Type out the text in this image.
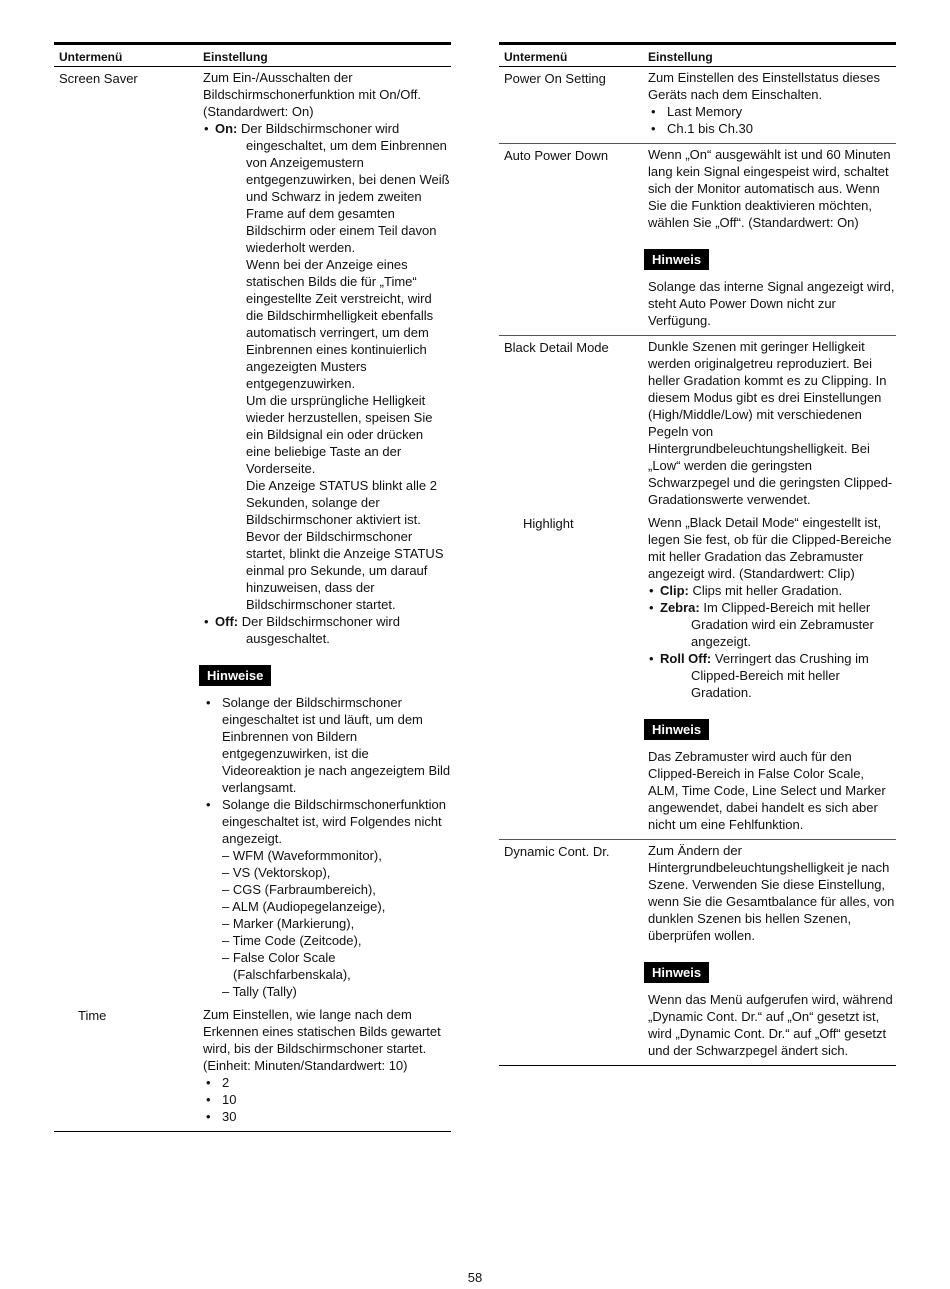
Untermenü	Einstellung
Screen Saver	Zum Ein-/Ausschalten der Bildschirmschonerfunktion mit On/Off. (Standardwert: On)

• On: Der Bildschirmschoner wird

eingeschaltet, um dem Einbrennen von Anzeigemustern entgegenzuwirken, bei denen Weiß und Schwarz in jedem zweiten Frame auf dem gesamten Bildschirm oder einem Teil davon wiederholt werden.

Wenn bei der Anzeige eines statischen Bilds die für „Time“ eingestellte Zeit verstreicht, wird die Bildschirmhelligkeit ebenfalls automatisch verringert, um dem Einbrennen eines kontinuierlich angezeigten Musters entgegenzuwirken.

Um die ursprüngliche Helligkeit wieder herzustellen, speisen Sie ein Bildsignal ein oder drücken eine beliebige Taste an der Vorderseite.

Die Anzeige STATUS blinkt alle 2 Sekunden, solange der Bildschirmschoner aktiviert ist. Bevor der Bildschirmschoner startet, blinkt die Anzeige STATUS einmal pro Sekunde, um darauf hinzuweisen, dass der Bildschirmschoner startet.

• Off: Der Bildschirmschoner wird

ausgeschaltet.

Hinweise
• Solange der Bildschirmschoner eingeschaltet ist und läuft, um dem Einbrennen von Bildern entgegenzuwirken, ist die Videoreaktion je nach angezeigtem Bild verlangsamt.
• Solange die Bildschirmschonerfunktion eingeschaltet ist, wird Folgendes nicht angezeigt.
– WFM (Waveformmonitor),
– VS (Vektorskop),
– CGS (Farbraumbereich),
– ALM (Audiopegelanzeige),
– Marker (Markierung),
– Time Code (Zeitcode),
– False Color Scale
(Falschfarbenskala),
– Tally (Tally)
Time	Zum Einstellen, wie lange nach dem Erkennen eines statischen Bilds gewartet wird, bis der Bildschirmschoner startet. (Einheit: Minuten/Standardwert: 10)

• 2
• 10
• 30
Untermenü	Einstellung
Power On Setting	Zum Einstellen des Einstellstatus dieses Geräts nach dem Einschalten.

• Last Memory
• Ch.1 bis Ch.30
Auto Power Down	Wenn „On“ ausgewählt ist und 60 Minuten lang kein Signal eingespeist wird, schaltet sich der Monitor automatisch aus. Wenn Sie die Funktion deaktivieren möchten, wählen Sie „Off“. (Standardwert: On)

Hinweis

Solange das interne Signal angezeigt wird, steht Auto Power Down nicht zur Verfügung.

Black Detail Mode	Dunkle Szenen mit geringer Helligkeit werden originalgetreu reproduziert. Bei heller Gradation kommt es zu Clipping. In diesem Modus gibt es drei Einstellungen (High/Middle/Low) mit verschiedenen Pegeln von Hintergrundbeleuchtungshelligkeit. Bei „Low“ werden die geringsten Schwarzpegel und die geringsten Clipped-Gradationswerte verwendet.

Highlight	Wenn „Black Detail Mode“ eingestellt ist, legen Sie fest, ob für die Clipped-Bereiche mit heller Gradation das Zebramuster angezeigt wird. (Standardwert: Clip)

• Clip: Clips mit heller Gradation.
• Zebra: Im Clipped-Bereich mit heller

Gradation wird ein Zebramuster angezeigt.

• Roll Off: Verringert das Crushing im

Clipped-Bereich mit heller Gradation.

Hinweis

Das Zebramuster wird auch für den Clipped-Bereich in False Color Scale, ALM, Time Code, Line Select und Marker angewendet, dabei handelt es sich aber nicht um eine Fehlfunktion.

Dynamic Cont. Dr.	Zum Ändern der Hintergrundbeleuchtungshelligkeit je nach Szene. Verwenden Sie diese Einstellung, wenn Sie die Gesamtbalance für alles, von dunklen Szenen bis hellen Szenen, überprüfen wollen.

Hinweis

Wenn das Menü aufgerufen wird, während „Dynamic Cont. Dr.“ auf „On“ gesetzt ist, wird „Dynamic Cont. Dr.“ auf „Off“ gesetzt und der Schwarzpegel ändert sich.

58
